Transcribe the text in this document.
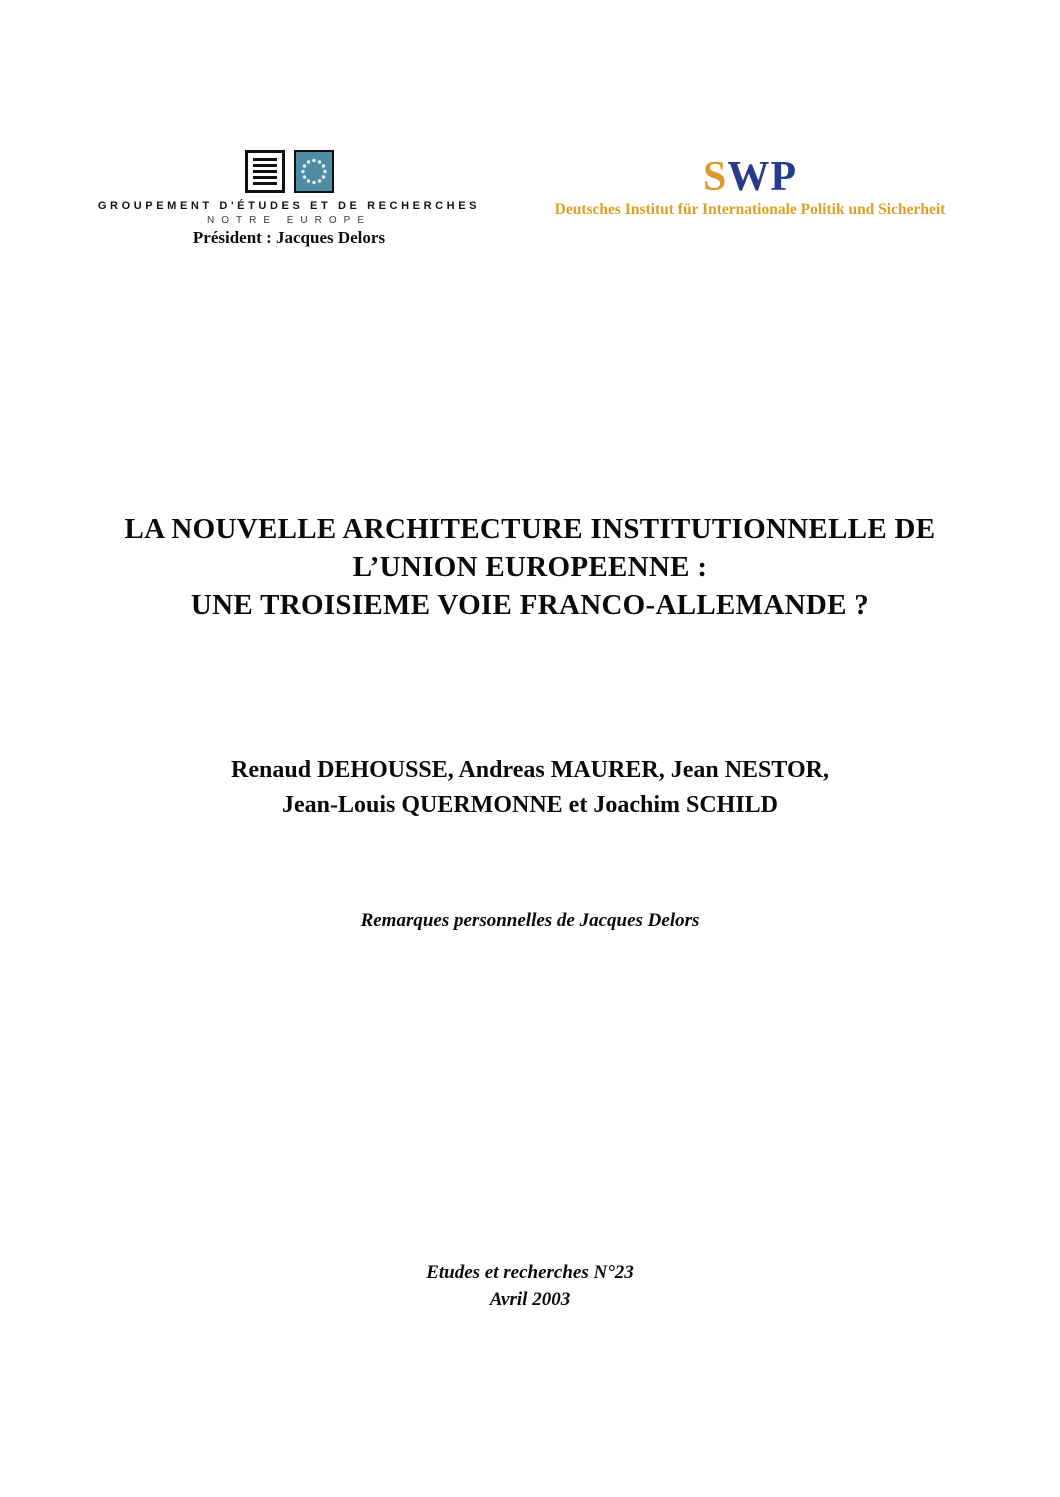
GROUPEMENT D'ÉTUDES ET DE RECHERCHES
NOTRE EUROPE
Président : Jacques Delors
SWP
Deutsches Institut für Internationale Politik und Sicherheit
LA NOUVELLE ARCHITECTURE INSTITUTIONNELLE DE
L’UNION EUROPEENNE :
UNE TROISIEME VOIE FRANCO-ALLEMANDE ?
Renaud DEHOUSSE, Andreas MAURER, Jean NESTOR,
Jean-Louis QUERMONNE et Joachim SCHILD
Remarques personnelles de Jacques Delors
Etudes et recherches N°23
Avril 2003
